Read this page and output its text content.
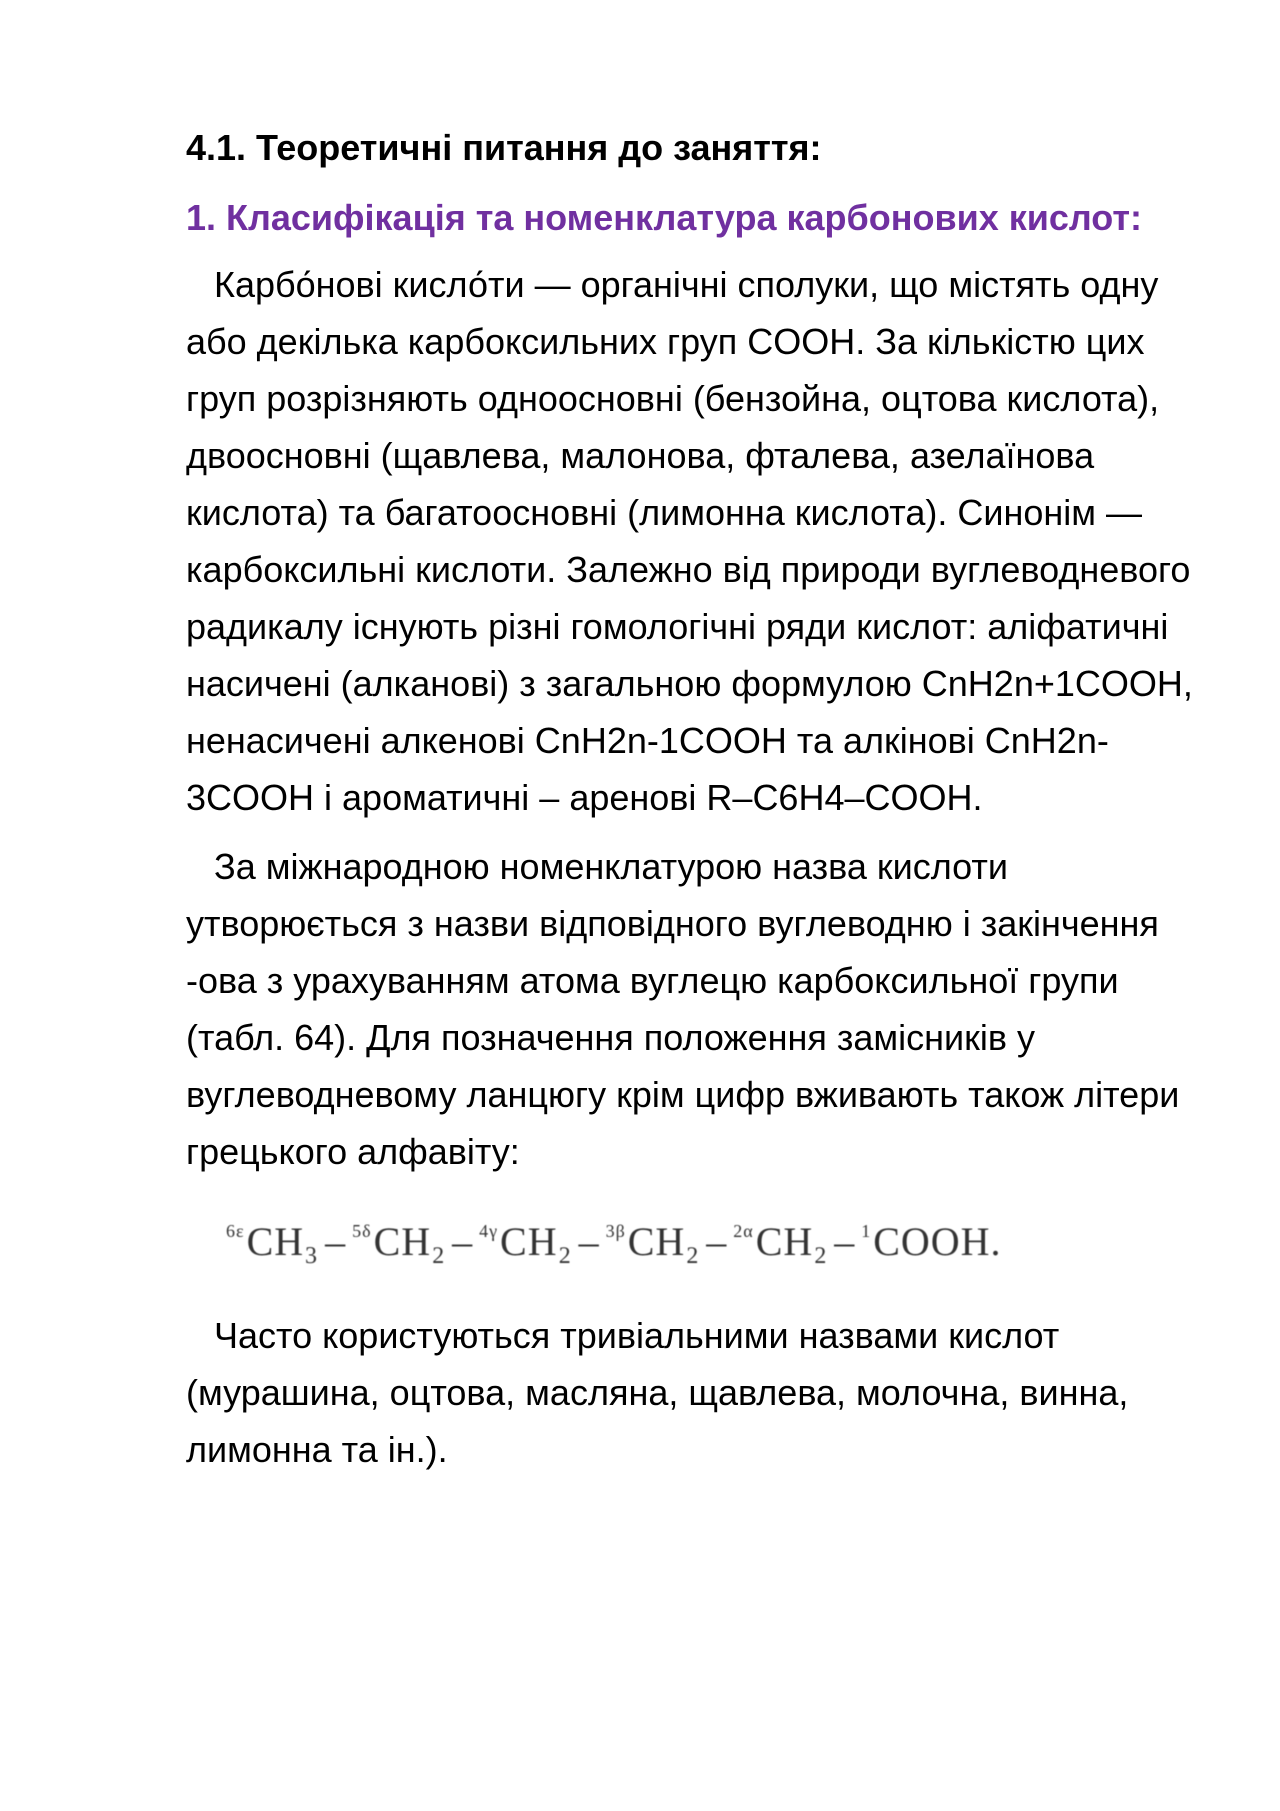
4.1. Теоретичні питання до заняття:
1. Класифікація та номенклатура карбонових кислот:

Карбо́нові кисло́ти — органічні сполуки, що містять одну або декілька карбоксильних груп COOH. За кількістю цих груп розрізняють одноосновні (бензойна, оцтова кислота), двоосновні (щавлева, малонова, фталева, азелаїнова кислота) та багатоосновні (лимонна кислота). Синонім — карбоксильні кислоти. Залежно від природи вуглеводневого радикалу існують різні гомологічні ряди кислот: аліфатичні насичені (алканові) з загальною формулою CnH2n+1COOH, ненасичені алкенові CnH2n-1COOH та алкінові CnH2n-3COOH і ароматичні – аренові R–C6H4–COOH.

За міжнародною номенклатурою назва кислоти утворюється з назви відповідного вуглеводню і закінчення -ова з урахуванням атома вуглецю карбоксильної групи (табл. 64). Для позначення положення замісників у вуглеводневому ланцюгу крім цифр вживають також літери грецького алфавіту:

$^{6\varepsilon}$CH₃ – $^{5\delta}$CH₂ – $^{4\gamma}$CH₂ – $^{3\beta}$CH₂ – $^{2\alpha}$CH₂ – $^1$COOH.

Часто користуються тривіальними назвами кислот (мурашина, оцтова, масляна, щавлева, молочна, винна, лимонна та ін.).
